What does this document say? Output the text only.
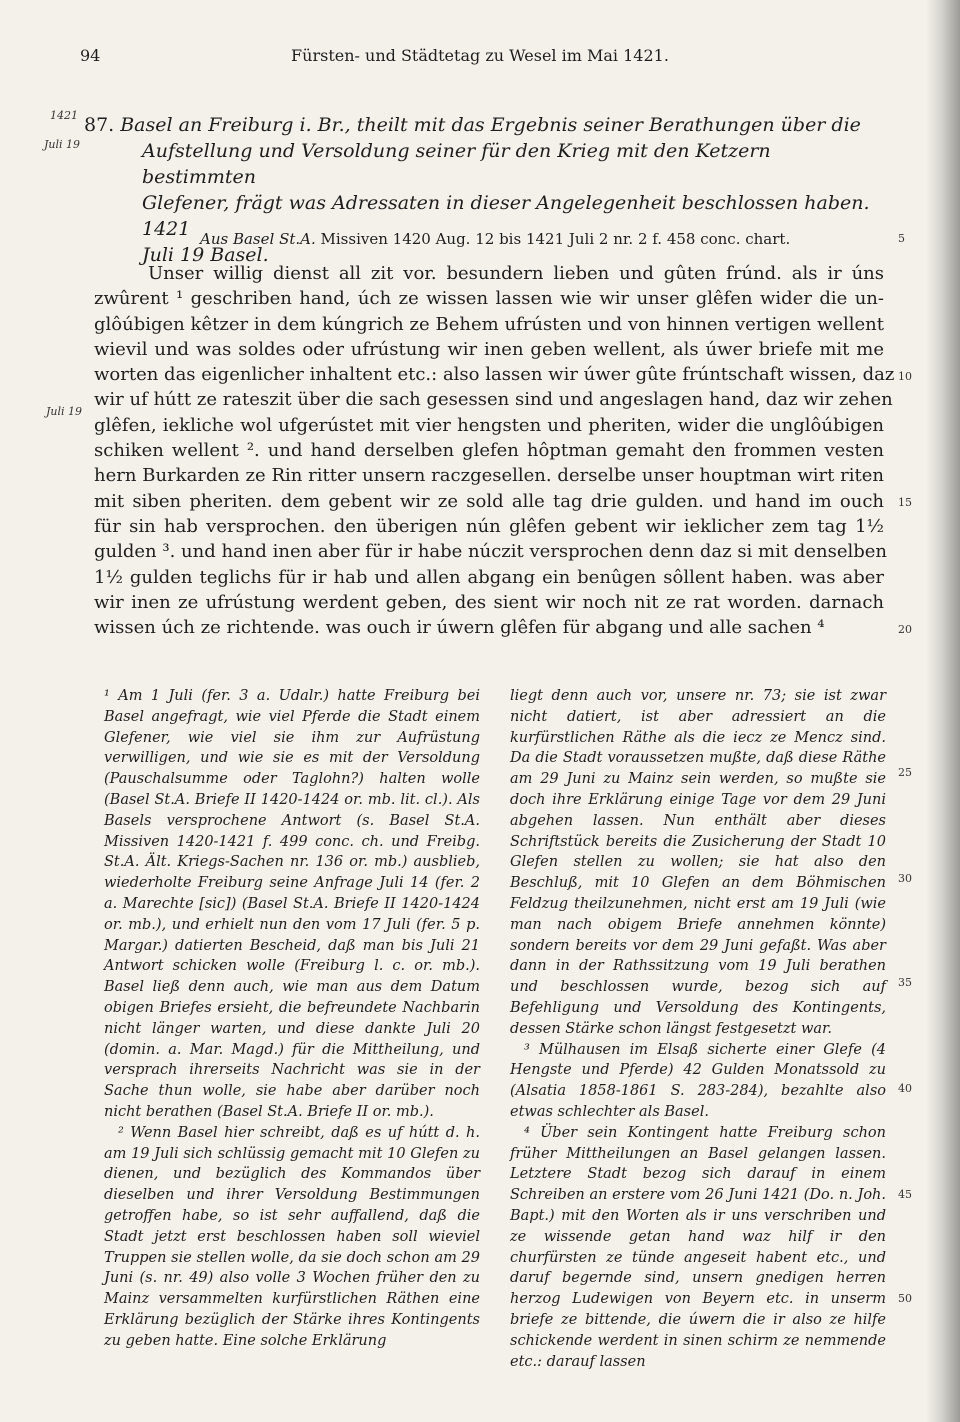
94	Fürsten- und Städtetag zu Wesel im Mai 1421.
1421
Juli 19
Juli 19
5
10
15
20
25
30
35
40
45
50
87. Basel an Freiburg i. Br., theilt mit das Ergebnis seiner Berathungen über die
Aufstellung und Versoldung seiner für den Krieg mit den Ketzern bestimmten
Glefener, frägt was Adressaten in dieser Angelegenheit beschlossen haben. 1421
Juli 19 Basel.
Aus Basel St.A. Missiven 1420 Aug. 12 bis 1421 Juli 2 nr. 2 f. 458 conc. chart.
Unser willig dienst all zit vor. besundern lieben und gûten frúnd. als ir úns
zwûrent ¹ geschriben hand, úch ze wissen lassen wie wir unser glêfen wider die un-
glôúbigen kêtzer in dem kúngrich ze Behem ufrústen und von hinnen vertigen wellent
wievil und was soldes oder ufrústung wir inen geben wellent, als úwer briefe mit me
worten das eigenlicher inhaltent etc.: also lassen wir úwer gûte frúntschaft wissen, daz
wir uf hútt ze rateszit über die sach gesessen sind und angeslagen hand, daz wir zehen
glêfen, iekliche wol ufgerústet mit vier hengsten und pheriten, wider die unglôúbigen
schiken wellent ². und hand derselben glefen hôptman gemaht den frommen vesten
hern Burkarden ze Rin ritter unsern raczgesellen. derselbe unser houptman wirt riten
mit siben pheriten. dem gebent wir ze sold alle tag drie gulden. und hand im ouch
für sin hab versprochen. den überigen nún glêfen gebent wir ieklicher zem tag 1½
gulden ³. und hand inen aber für ir habe núczit versprochen denn daz si mit denselben
1½ gulden teglichs für ir hab und allen abgang ein benûgen sôllent haben. was aber
wir inen ze ufrústung werdent geben, des sient wir noch nit ze rat worden. darnach
wissen úch ze richtende. was ouch ir úwern glêfen für abgang und alle sachen ⁴

¹ Am 1 Juli (fer. 3 a. Udalr.) hatte Freiburg bei Basel angefragt, wie viel Pferde die Stadt einem Glefener, wie viel sie ihm zur Aufrüstung verwilligen, und wie sie es mit der Versoldung (Pauschalsumme oder Taglohn?) halten wolle (Basel St.A. Briefe II 1420-1424 or. mb. lit. cl.). Als Basels versprochene Antwort (s. Basel St.A. Missiven 1420-1421 f. 499 conc. ch. und Freibg. St.A. Ält. Kriegs-Sachen nr. 136 or. mb.) ausblieb, wiederholte Freiburg seine Anfrage Juli 14 (fer. 2 a. Marechte [sic]) (Basel St.A. Briefe II 1420-1424 or. mb.), und erhielt nun den vom 17 Juli (fer. 5 p. Margar.) datierten Bescheid, daß man bis Juli 21 Antwort schicken wolle (Freiburg l. c. or. mb.). Basel ließ denn auch, wie man aus dem Datum obigen Briefes ersieht, die befreundete Nachbarin nicht länger warten, und diese dankte Juli 20 (domin. a. Mar. Magd.) für die Mittheilung, und versprach ihrerseits Nachricht was sie in der Sache thun wolle, sie habe aber darüber noch nicht berathen (Basel St.A. Briefe II or. mb.).

² Wenn Basel hier schreibt, daß es uf hútt d. h. am 19 Juli sich schlüssig gemacht mit 10 Glefen zu dienen, und bezüglich des Kommandos über dieselben und ihrer Versoldung Bestimmungen getroffen habe, so ist sehr auffallend, daß die Stadt jetzt erst beschlossen haben soll wieviel Truppen sie stellen wolle, da sie doch schon am 29 Juni (s. nr. 49) also volle 3 Wochen früher den zu Mainz versammelten kurfürstlichen Räthen eine Erklärung bezüglich der Stärke ihres Kontingents zu geben hatte. Eine solche Erklärung

liegt denn auch vor, unsere nr. 73; sie ist zwar nicht datiert, ist aber adressiert an die kurfürstlichen Räthe als die iecz ze Mencz sind. Da die Stadt voraussetzen mußte, daß diese Räthe am 29 Juni zu Mainz sein werden, so mußte sie doch ihre Erklärung einige Tage vor dem 29 Juni abgehen lassen. Nun enthält aber dieses Schriftstück bereits die Zusicherung der Stadt 10 Glefen stellen zu wollen; sie hat also den Beschluß, mit 10 Glefen an dem Böhmischen Feldzug theilzunehmen, nicht erst am 19 Juli (wie man nach obigem Briefe annehmen könnte) sondern bereits vor dem 29 Juni gefaßt. Was aber dann in der Rathssitzung vom 19 Juli berathen und beschlossen wurde, bezog sich auf Befehligung und Versoldung des Kontingents, dessen Stärke schon längst festgesetzt war.

³ Mülhausen im Elsaß sicherte einer Glefe (4 Hengste und Pferde) 42 Gulden Monatssold zu (Alsatia 1858-1861 S. 283-284), bezahlte also etwas schlechter als Basel.

⁴ Über sein Kontingent hatte Freiburg schon früher Mittheilungen an Basel gelangen lassen. Letztere Stadt bezog sich darauf in einem Schreiben an erstere vom 26 Juni 1421 (Do. n. Joh. Bapt.) mit den Worten als ir uns verschriben und ze wissende getan hand waz hilf ir den churfürsten ze tünde angeseit habent etc., und daruf begernde sind, unsern gnedigen herren herzog Ludewigen von Beyern etc. in unserm briefe ze bittende, die úwern die ir also ze hilfe schickende werdent in sinen schirm ze nemmende etc.: darauf lassen
